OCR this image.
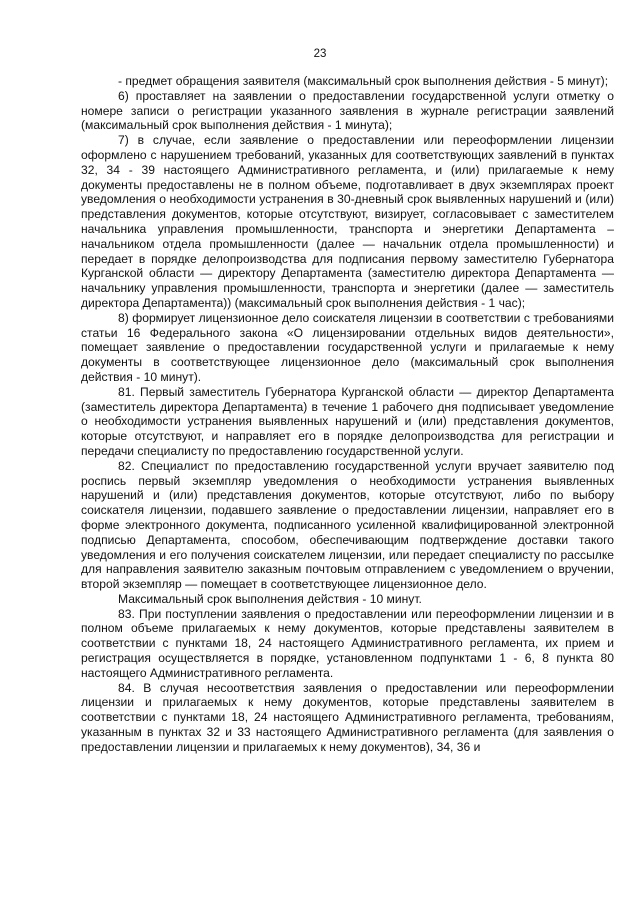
23

- предмет обращения заявителя (максимальный срок выполнения действия - 5 минут);

6) проставляет на заявлении о предоставлении государственной услуги отметку о номере записи о регистрации указанного заявления в журнале регистрации заявлений (максимальный срок выполнения действия - 1 минута);

7) в случае, если заявление о предоставлении или переоформлении лицензии оформлено с нарушением требований, указанных для соответствующих заявлений в пунктах 32, 34 - 39 настоящего Административного регламента, и (или) прилагаемые к нему документы предоставлены не в полном объеме, подготавливает в двух экземплярах проект уведомления о необходимости устранения в 30-дневный срок выявленных нарушений и (или) представления документов, которые отсутствуют, визирует, согласовывает с заместителем начальника управления промышленности, транспорта и энергетики Департамента – начальником отдела промышленности (далее — начальник отдела промышленности) и передает в порядке делопроизводства для подписания первому заместителю Губернатора Курганской области — директору Департамента (заместителю директора Департамента — начальнику управления промышленности, транспорта и энергетики (далее — заместитель директора Департамента)) (максимальный срок выполнения действия - 1 час);

8) формирует лицензионное дело соискателя лицензии в соответствии с требованиями статьи 16 Федерального закона «О лицензировании отдельных видов деятельности», помещает заявление о предоставлении государственной услуги и прилагаемые к нему документы в соответствующее лицензионное дело (максимальный срок выполнения действия - 10 минут).

81. Первый заместитель Губернатора Курганской области — директор Департамента (заместитель директора Департамента) в течение 1 рабочего дня подписывает уведомление о необходимости устранения выявленных нарушений и (или) представления документов, которые отсутствуют, и направляет его в порядке делопроизводства для регистрации и передачи специалисту по предоставлению государственной услуги.

82. Специалист по предоставлению государственной услуги вручает заявителю под роспись первый экземпляр уведомления о необходимости устранения выявленных нарушений и (или) представления документов, которые отсутствуют, либо по выбору соискателя лицензии, подавшего заявление о предоставлении лицензии, направляет его в форме электронного документа, подписанного усиленной квалифицированной электронной подписью Департамента, способом, обеспечивающим подтверждение доставки такого уведомления и его получения соискателем лицензии, или передает специалисту по рассылке для направления заявителю заказным почтовым отправлением с уведомлением о вручении, второй экземпляр — помещает в соответствующее лицензионное дело.

Максимальный срок выполнения действия - 10 минут.

83. При поступлении заявления о предоставлении или переоформлении лицензии и в полном объеме прилагаемых к нему документов, которые представлены заявителем в соответствии с пунктами 18, 24 настоящего Административного регламента, их прием и регистрация осуществляется в порядке, установленном подпунктами 1 - 6, 8 пункта 80 настоящего Административного регламента.

84. В случая несоответствия заявления о предоставлении или переоформлении лицензии и прилагаемых к нему документов, которые представлены заявителем в соответствии с пунктами 18, 24 настоящего Административного регламента, требованиям, указанным в пунктах 32 и 33 настоящего Административного регламента (для заявления о предоставлении лицензии и прилагаемых к нему документов), 34, 36 и
